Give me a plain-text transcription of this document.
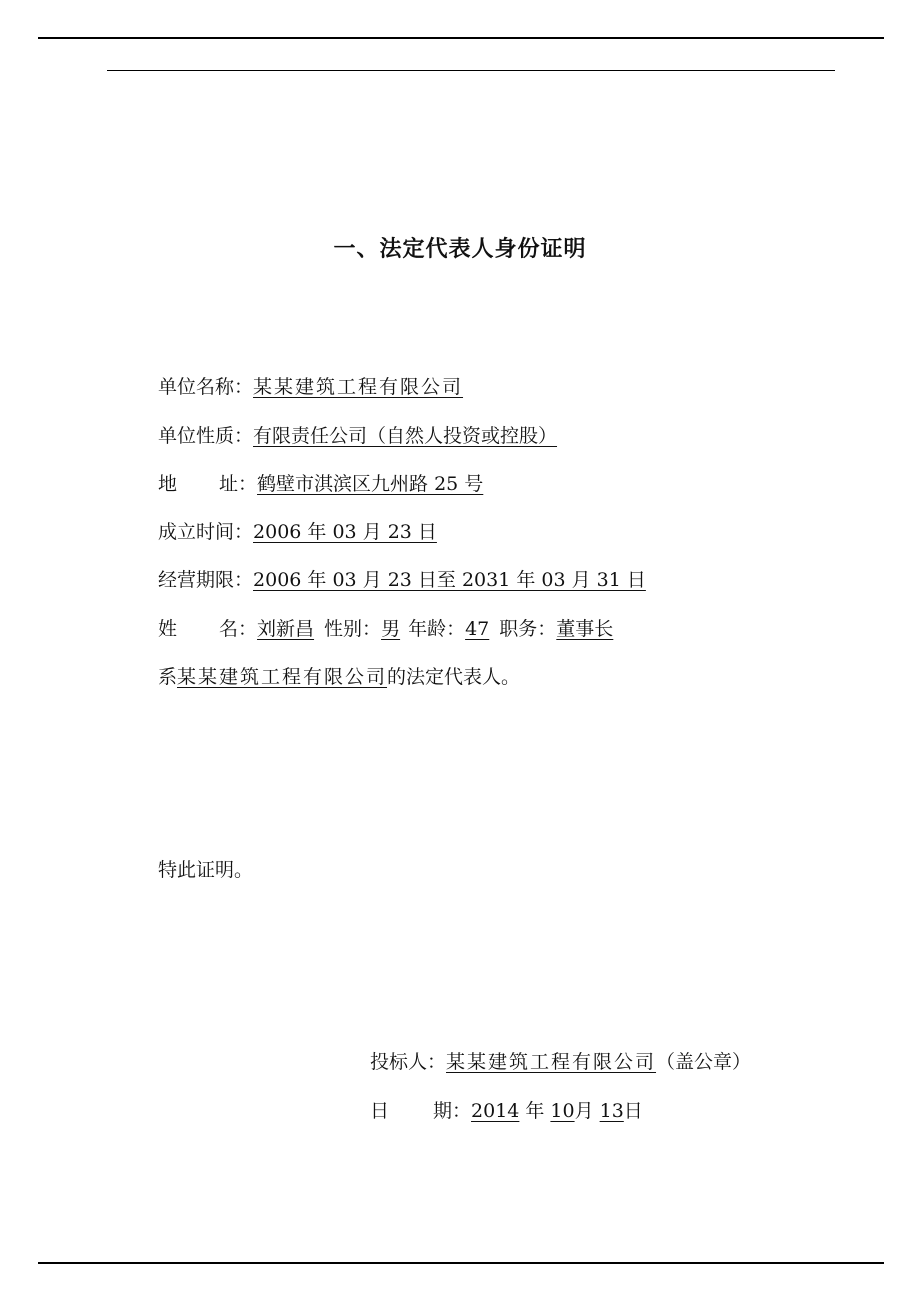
一、法定代表人身份证明
单位名称：某某建筑工程有限公司
单位性质：有限责任公司（自然人投资或控股）
地 址：鹤壁市淇滨区九州路 25 号
成立时间：2006 年 03 月 23 日
经营期限：2006 年 03 月 23 日至 2031 年 03 月 31 日
姓 名：刘新昌 性别：男 年龄：47 职务：董事长
系某某建筑工程有限公司的法定代表人。
特此证明。
投标人：某某建筑工程有限公司（盖公章）
日 期：2014 年 10月 13日
